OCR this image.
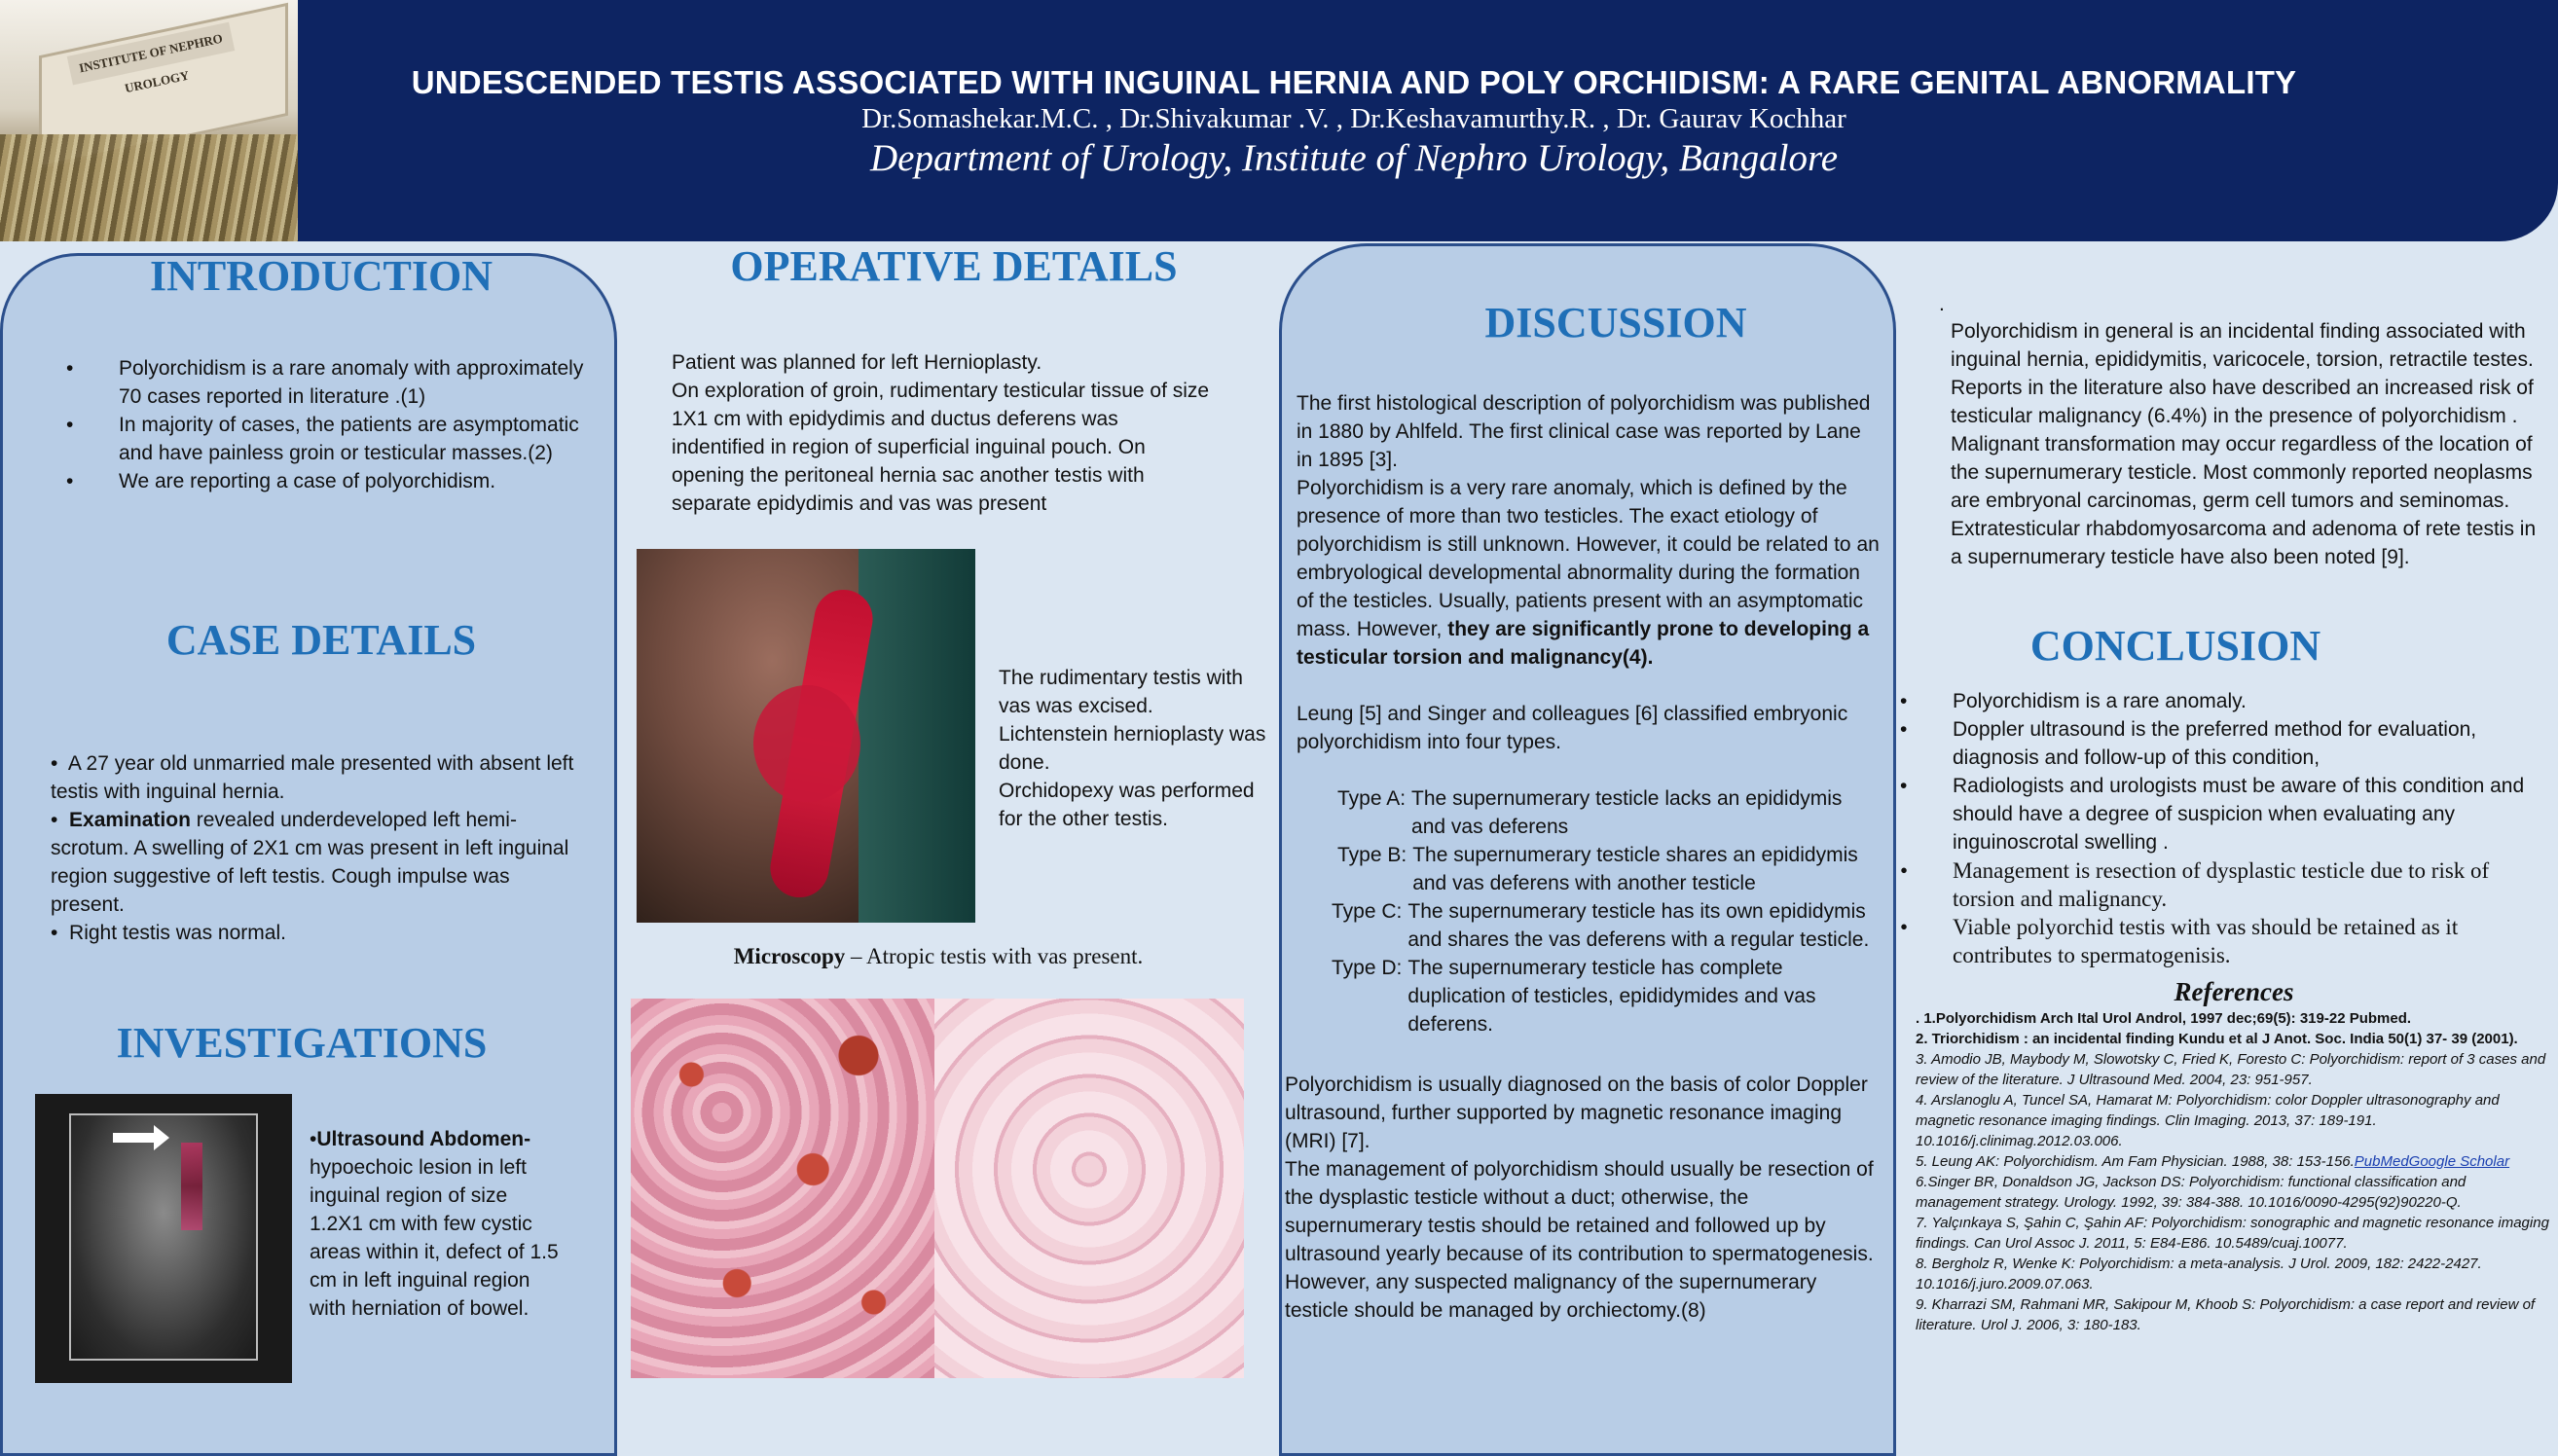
INSTITUTE OF NEPHRO UROLOGY	UNDESCENDED TESTIS ASSOCIATED WITH INGUINAL HERNIA AND POLY ORCHIDISM: A RARE GENITAL ABNORMALITY
Dr.Somashekar.M.C. , Dr.Shivakumar .V. , Dr.Keshavamurthy.R. , Dr. Gaurav Kochhar
Department of Urology, Institute of Nephro Urology, Bangalore
INTRODUCTION
• Polyorchidism is a rare anomaly with approximately 70 cases reported in literature .(1)
• In majority of cases, the patients are asymptomatic and have painless groin or testicular masses.(2)
• We are reporting a case of polyorchidism.
CASE DETAILS
•  A 27 year old unmarried male presented with absent left testis with inguinal hernia.
•  Examination revealed underdeveloped left hemi-scrotum. A swelling of 2X1 cm was present in left inguinal region suggestive of left testis. Cough impulse was present.
•  Right testis was normal.
INVESTIGATIONS
•Ultrasound Abdomen- hypoechoic lesion in left inguinal region of size 1.2X1 cm with few cystic areas within it, defect of 1.5 cm in left inguinal region with herniation of bowel.
OPERATIVE DETAILS
Patient was planned for left Hernioplasty.
On exploration of groin, rudimentary testicular tissue of size 1X1 cm with epidydimis and ductus deferens was indentified in region of superficial inguinal pouch. On opening the peritoneal hernia sac another testis with separate epidydimis and vas was present
The rudimentary testis with vas was excised.
Lichtenstein hernioplasty was done.
Orchidopexy was performed for the other testis.
Microscopy – Atropic testis with vas present.
DISCUSSION
The first histological description of polyorchidism was published in 1880 by Ahlfeld. The first clinical case was reported by Lane in 1895 [3].
Polyorchidism is a very rare anomaly, which is defined by the presence of more than two testicles. The exact etiology of polyorchidism is still unknown. However, it could be related to an embryological developmental abnormality during the formation of the testicles. Usually, patients present with an asymptomatic mass. However, they are significantly prone to developing a testicular torsion and malignancy(4).
Leung [5] and Singer and colleagues [6] classified embryonic polyorchidism into four types.
Type A: The supernumerary testicle lacks an epididymis and vas deferens
Type B: The supernumerary testicle shares an epididymis and vas deferens with another testicle
Type C: The supernumerary testicle has its own epididymis and shares the vas deferens with a regular testicle.
Type D: The supernumerary testicle has complete duplication of testicles, epididymides and vas deferens.
Polyorchidism is usually diagnosed on the basis of color Doppler ultrasound, further supported by magnetic resonance imaging (MRI) [7].
The management of polyorchidism should usually be resection of the dysplastic testicle without a duct; otherwise, the supernumerary testis should be retained and followed up by ultrasound yearly because of its contribution to spermatogenesis. However, any suspected malignancy of the supernumerary testicle should be managed by orchiectomy.(8)
.
Polyorchidism in general is an incidental finding associated with inguinal hernia, epididymitis, varicocele, torsion, retractile testes. Reports in the literature also have described an increased risk of testicular malignancy (6.4%) in the presence of polyorchidism .
Malignant transformation may occur regardless of the location of the supernumerary testicle. Most commonly reported neoplasms are embryonal carcinomas, germ cell tumors and seminomas. Extratesticular rhabdomyosarcoma and adenoma of rete testis in a supernumerary testicle have also been noted [9].
CONCLUSION
• Polyorchidism is a rare anomaly.
• Doppler ultrasound is the preferred method for evaluation, diagnosis and follow-up of this condition,
• Radiologists and urologists must be aware of this condition and should have a degree of suspicion when evaluating any inguinoscrotal swelling .
• Management is resection of dysplastic testicle due to risk of torsion and malignancy.
• Viable polyorchid testis with vas should be retained as it contributes to spermatogenisis.
References
. 1.Polyorchidism Arch Ital Urol Androl, 1997 dec;69(5): 319-22 Pubmed.
2. Triorchidism : an incidental finding Kundu et al J Anot. Soc. India 50(1) 37- 39 (2001).
3. Amodio JB, Maybody M, Slowotsky C, Fried K, Foresto C: Polyorchidism: report of 3 cases and review of the literature. J Ultrasound Med. 2004, 23: 951-957.
4. Arslanoglu A, Tuncel SA, Hamarat M: Polyorchidism: color Doppler ultrasonography and magnetic resonance imaging findings. Clin Imaging. 2013, 37: 189-191. 10.1016/j.clinimag.2012.03.006.
5. Leung AK: Polyorchidism. Am Fam Physician. 1988, 38: 153-156.PubMedGoogle Scholar
6.Singer BR, Donaldson JG, Jackson DS: Polyorchidism: functional classification and management strategy. Urology. 1992, 39: 384-388. 10.1016/0090-4295(92)90220-Q.
7. Yalçınkaya S, Şahin C, Şahin AF: Polyorchidism: sonographic and magnetic resonance imaging findings. Can Urol Assoc J. 2011, 5: E84-E86. 10.5489/cuaj.10077.
8. Bergholz R, Wenke K: Polyorchidism: a meta-analysis. J Urol. 2009, 182: 2422-2427. 10.1016/j.juro.2009.07.063.
9. Kharrazi SM, Rahmani MR, Sakipour M, Khoob S: Polyorchidism: a case report and review of literature. Urol J. 2006, 3: 180-183.
